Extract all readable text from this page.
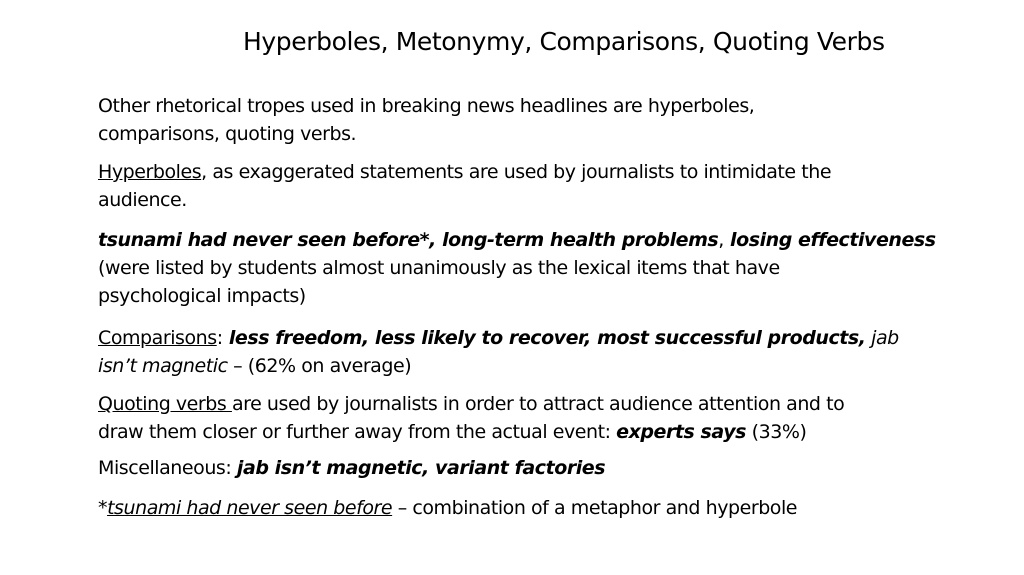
Hyperboles, Metonymy, Comparisons, Quoting Verbs
Other rhetorical tropes used in breaking news headlines are hyperboles,
comparisons, quoting verbs.
Hyperboles, as exaggerated statements are used by journalists to intimidate the
audience.
tsunami had never seen before*, long-term health problems, losing effectiveness
(were listed by students almost unanimously as the lexical items that have
psychological impacts)
Comparisons: less freedom, less likely to recover, most successful products, jab
isn’t magnetic – (62% on average)
Quoting verbs are used by journalists in order to attract audience attention and to
draw them closer or further away from the actual event: experts says (33%)
Miscellaneous: jab isn’t magnetic, variant factories
*tsunami had never seen before – combination of a metaphor and hyperbole
